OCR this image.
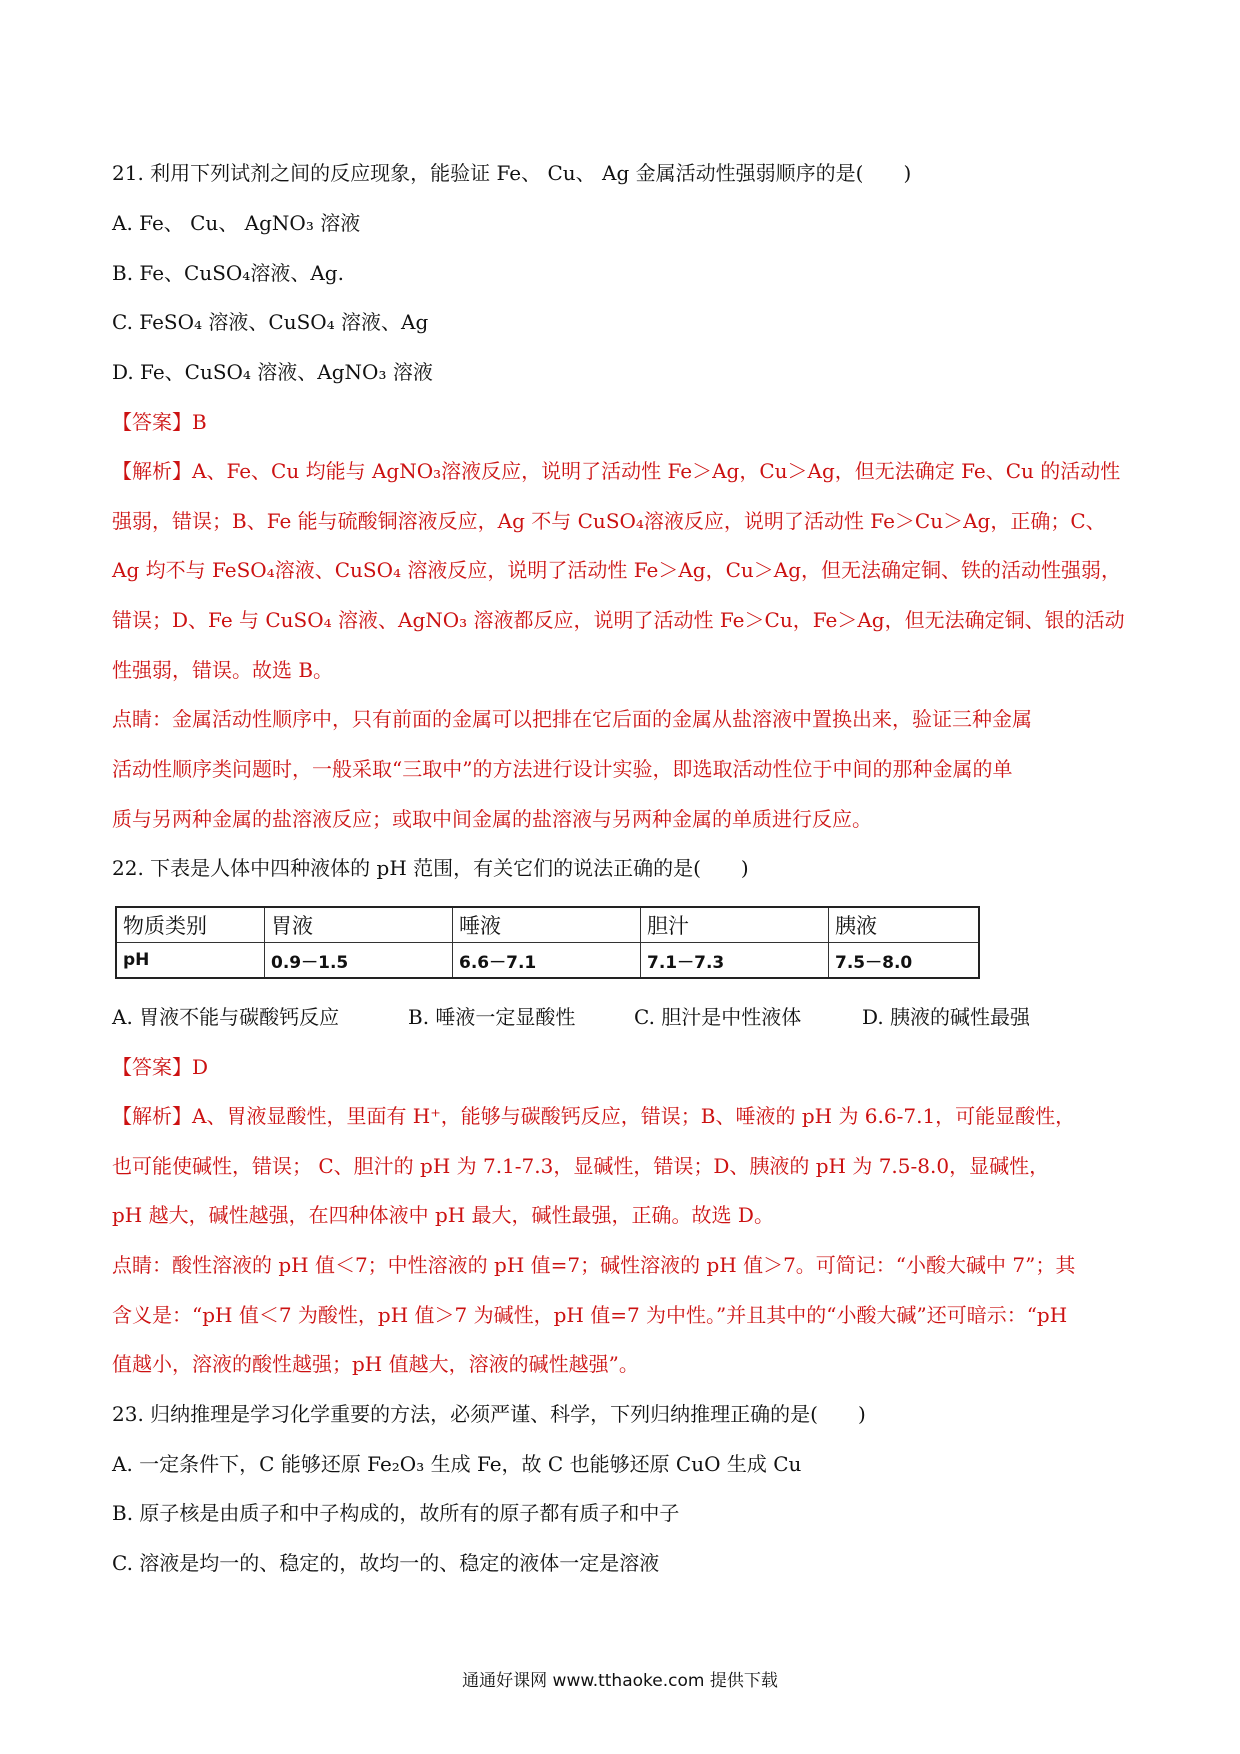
21. 利用下列试剂之间的反应现象，能验证 Fe、 Cu、 Ag 金属活动性强弱顺序的是(　　)
A. Fe、 Cu、 AgNO₃ 溶液
B. Fe、CuSO₄溶液、Ag.
C. FeSO₄ 溶液、CuSO₄ 溶液、Ag
D. Fe、CuSO₄ 溶液、AgNO₃ 溶液
【答案】B
【解析】A、Fe、Cu 均能与 AgNO₃溶液反应，说明了活动性 Fe＞Ag，Cu＞Ag，但无法确定 Fe、Cu 的活动性
强弱，错误；B、Fe 能与硫酸铜溶液反应，Ag 不与 CuSO₄溶液反应，说明了活动性 Fe＞Cu＞Ag，正确；C、
Ag 均不与 FeSO₄溶液、CuSO₄ 溶液反应，说明了活动性 Fe＞Ag，Cu＞Ag，但无法确定铜、铁的活动性强弱，
错误；D、Fe 与 CuSO₄ 溶液、AgNO₃ 溶液都反应，说明了活动性 Fe＞Cu，Fe＞Ag，但无法确定铜、银的活动
性强弱，错误。故选 B。
点睛：金属活动性顺序中，只有前面的金属可以把排在它后面的金属从盐溶液中置换出来，验证三种金属
活动性顺序类问题时，一般采取“三取中”的方法进行设计实验，即选取活动性位于中间的那种金属的单
质与另两种金属的盐溶液反应；或取中间金属的盐溶液与另两种金属的单质进行反应。
22. 下表是人体中四种液体的 pH 范围，有关它们的说法正确的是(　　)
物质类别	胃液	唾液	胆汁	胰液
pH	0.9－1.5	6.6－7.1	7.1－7.3	7.5－8.0
A. 胃液不能与碳酸钙反应	B. 唾液一定显酸性	C. 胆汁是中性液体	D. 胰液的碱性最强
【答案】D
【解析】A、胃液显酸性，里面有 H⁺，能够与碳酸钙反应，错误；B、唾液的 pH 为 6.6-7.1，可能显酸性，
也可能使碱性，错误； C、胆汁的 pH 为 7.1-7.3，显碱性，错误；D、胰液的 pH 为 7.5-8.0，显碱性，
pH 越大，碱性越强，在四种体液中 pH 最大，碱性最强，正确。故选 D。
点睛：酸性溶液的 pH 值＜7；中性溶液的 pH 值=7；碱性溶液的 pH 值＞7。可简记：“小酸大碱中 7”；其
含义是：“pH 值＜7 为酸性，pH 值＞7 为碱性，pH 值=7 为中性。”并且其中的“小酸大碱”还可暗示：“pH
值越小，溶液的酸性越强；pH 值越大，溶液的碱性越强”。
23. 归纳推理是学习化学重要的方法，必须严谨、科学，下列归纳推理正确的是(　　)
A. 一定条件下，C 能够还原 Fe₂O₃ 生成 Fe，故 C 也能够还原 CuO 生成 Cu
B. 原子核是由质子和中子构成的，故所有的原子都有质子和中子
C. 溶液是均一的、稳定的，故均一的、稳定的液体一定是溶液
通通好课网 www.tthaoke.com 提供下载
